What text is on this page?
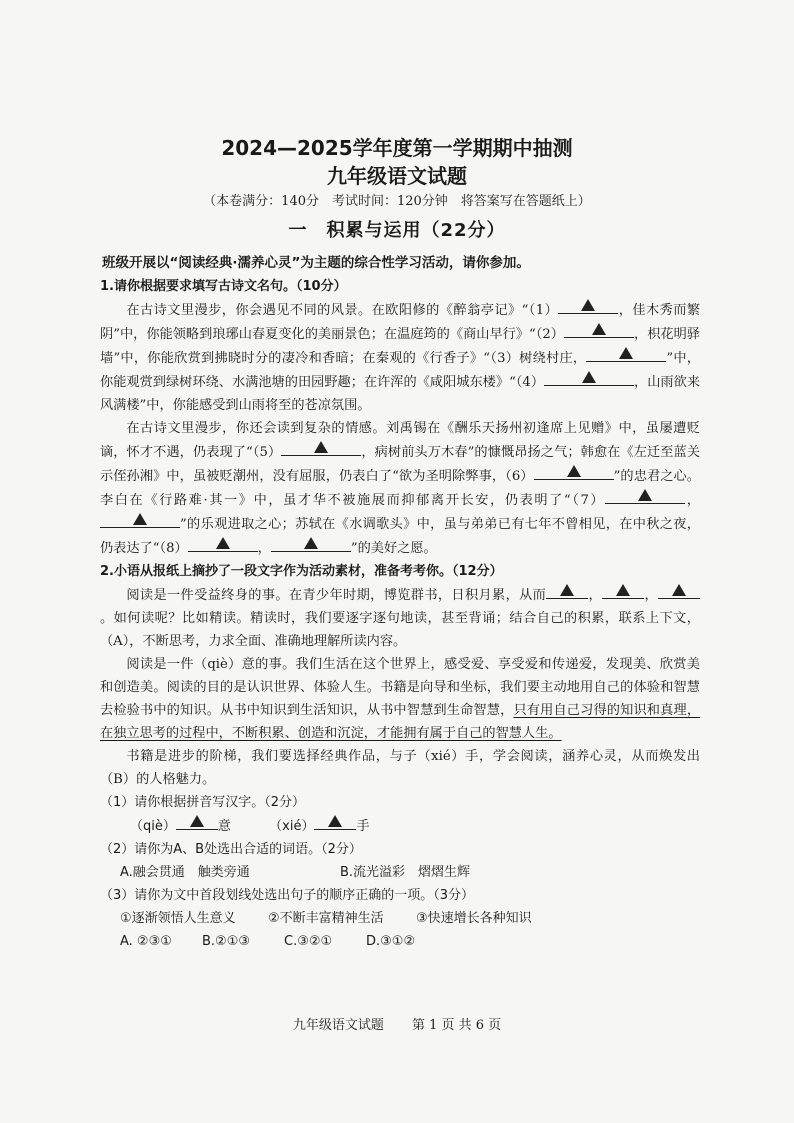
2024—2025学年度第一学期期中抽测
九年级语文试题
（本卷满分：140分　考试时间：120分钟　将答案写在答题纸上）
一　积累与运用（22分）

班级开展以“阅读经典·濡养心灵”为主题的综合性学习活动，请你参加。

1.请你根据要求填写古诗文名句。（10分）

在古诗文里漫步，你会遇见不同的风景。在欧阳修的《醉翁亭记》“（1）	，佳木秀而繁阴”中，你能领略到琅琊山春夏变化的美丽景色；在温庭筠的《商山早行》“（2）	，枳花明驿墙”中，你能欣赏到拂晓时分的凄冷和香暗；在秦观的《行香子》“（3）树绕村庄，	”中，你能观赏到绿树环绕、水满池塘的田园野趣；在许浑的《咸阳城东楼》“（4）	，山雨欲来风满楼”中，你能感受到山雨将至的苍凉氛围。

在古诗文里漫步，你还会读到复杂的情感。刘禹锡在《酬乐天扬州初逢席上见赠》中，虽屡遭贬谪，怀才不遇，仍表现了“（5）	，病树前头万木春”的慷慨昂扬之气；韩愈在《左迁至蓝关示侄孙湘》中，虽被贬潮州，没有屈服，仍表白了“欲为圣明除弊事，（6）	”的忠君之心。李白在《行路难·其一》中，虽才华不被施展而抑郁离开长安，仍表明了“（7）	，
”的乐观进取之心；苏轼在《水调歌头》中，虽与弟弟已有七年不曾相见，在中秋之夜，仍表达了“（8）	，	”的美好之愿。

2.小语从报纸上摘抄了一段文字作为活动素材，准备考考你。（12分）

阅读是一件受益终身的事。在青少年时期，博览群书，日积月累，从而	，	，
。如何读呢？比如精读。精读时，我们要逐字逐句地读，甚至背诵；结合自己的积累，联系上下文，（A），不断思考，力求全面、准确地理解所读内容。

阅读是一件（qiè）意的事。我们生活在这个世界上，感受爱、享受爱和传递爱，发现美、欣赏美和创造美。阅读的目的是认识世界、体验人生。书籍是向导和坐标，我们要主动地用自己的体验和智慧去检验书中的知识。从书中知识到生活知识，从书中智慧到生命智慧，只有用自己习得的知识和真理，在独立思考的过程中，不断积累、创造和沉淀，才能拥有属于自己的智慧人生。

书籍是进步的阶梯，我们要选择经典作品，与子（xié）手，学会阅读，涵养心灵，从而焕发出（B）的人格魅力。

（1）请你根据拼音写汉字。（2分）

（qiè）	意	（xié）	手

（2）请你为A、B处选出合适的词语。（2分）

A.融会贯通　触类旁通	B.流光溢彩　熠熠生辉

（3）请你为文中首段划线处选出句子的顺序正确的一项。（3分）

①逐渐领悟人生意义	②不断丰富精神生活	③快速增长各种知识

A. ②③①	B.②①③	C.③②①	D.③①②

九年级语文试题 第 1 页 共 6 页
